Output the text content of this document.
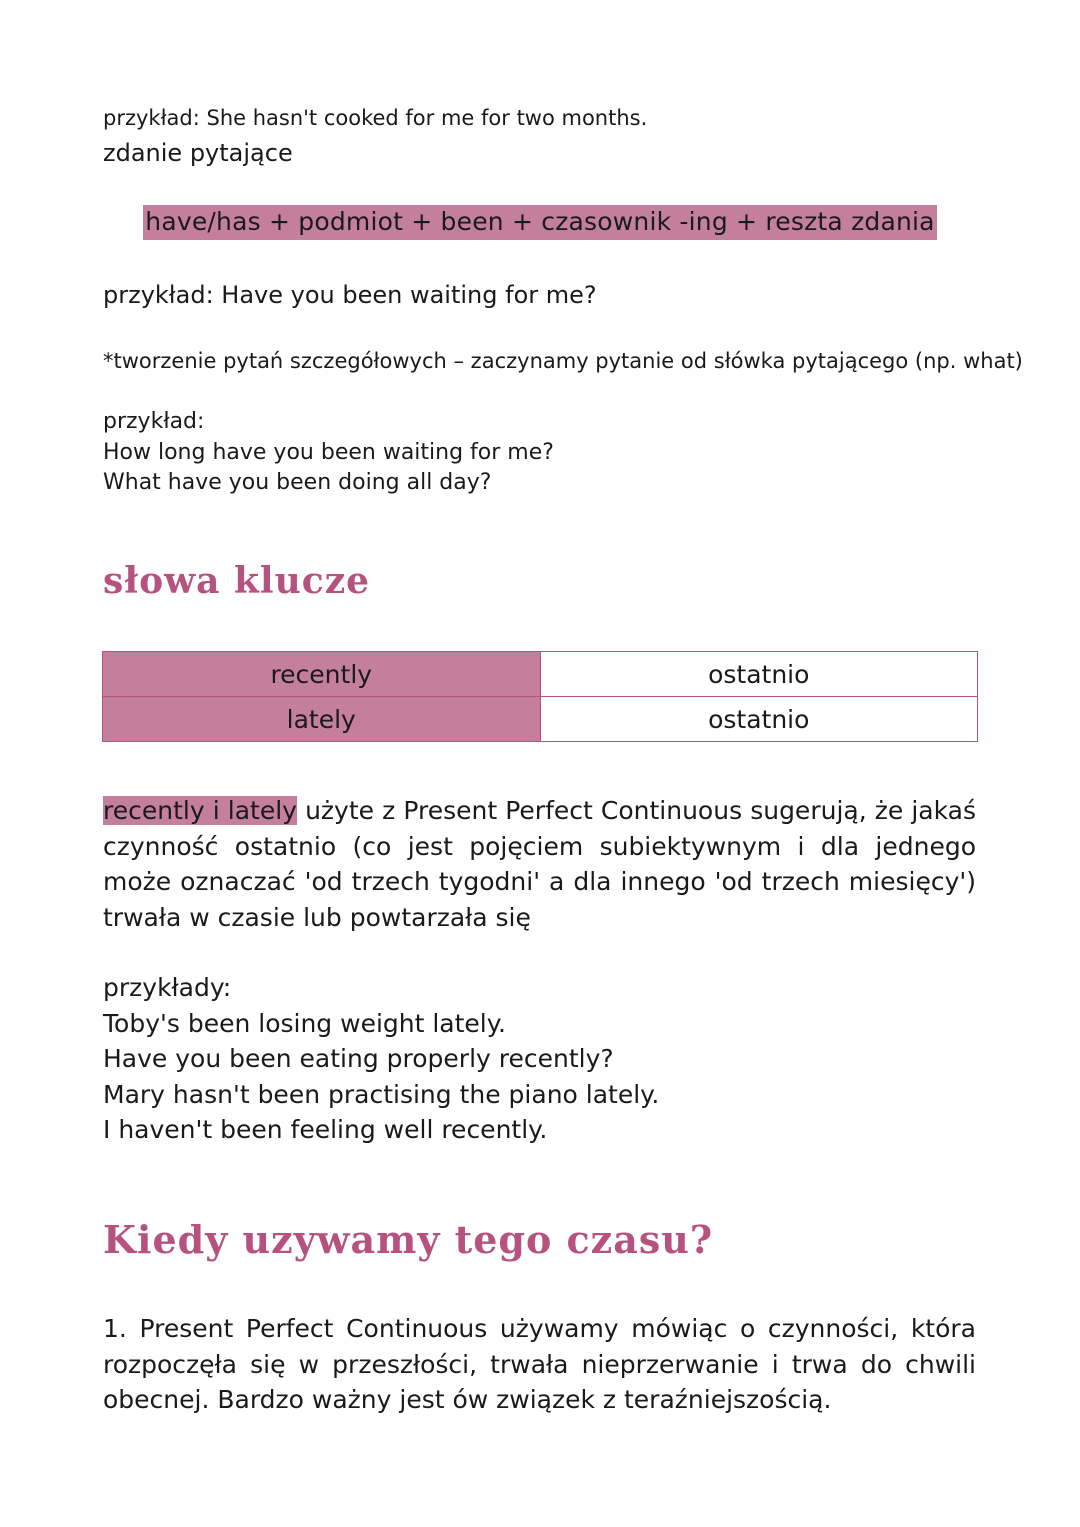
przykład: She hasn't cooked for me for two months.
zdanie pytające
have/has + podmiot + been + czasownik -ing + reszta zdania
przykład: Have you been waiting for me?
*tworzenie pytań szczegółowych – zaczynamy pytanie od słówka pytającego (np. what)
przykład:
How long have you been waiting for me?
What have you been doing all day?
słowa klucze
recently	ostatnio
lately	ostatnio
recently i lately użyte z Present Perfect Continuous sugerują, że jakaś czynność ostatnio (co jest pojęciem subiektywnym i dla jednego może oznaczać 'od trzech tygodni' a dla innego 'od trzech miesięcy') trwała w czasie lub powtarzała się
przykłady:
Toby's been losing weight lately.
Have you been eating properly recently?
Mary hasn't been practising the piano lately.
I haven't been feeling well recently.
Kiedy uzywamy tego czasu?
1. Present Perfect Continuous używamy mówiąc o czynności, która rozpoczęła się w przeszłości, trwała nieprzerwanie i trwa do chwili obecnej. Bardzo ważny jest ów związek z teraźniejszością.
